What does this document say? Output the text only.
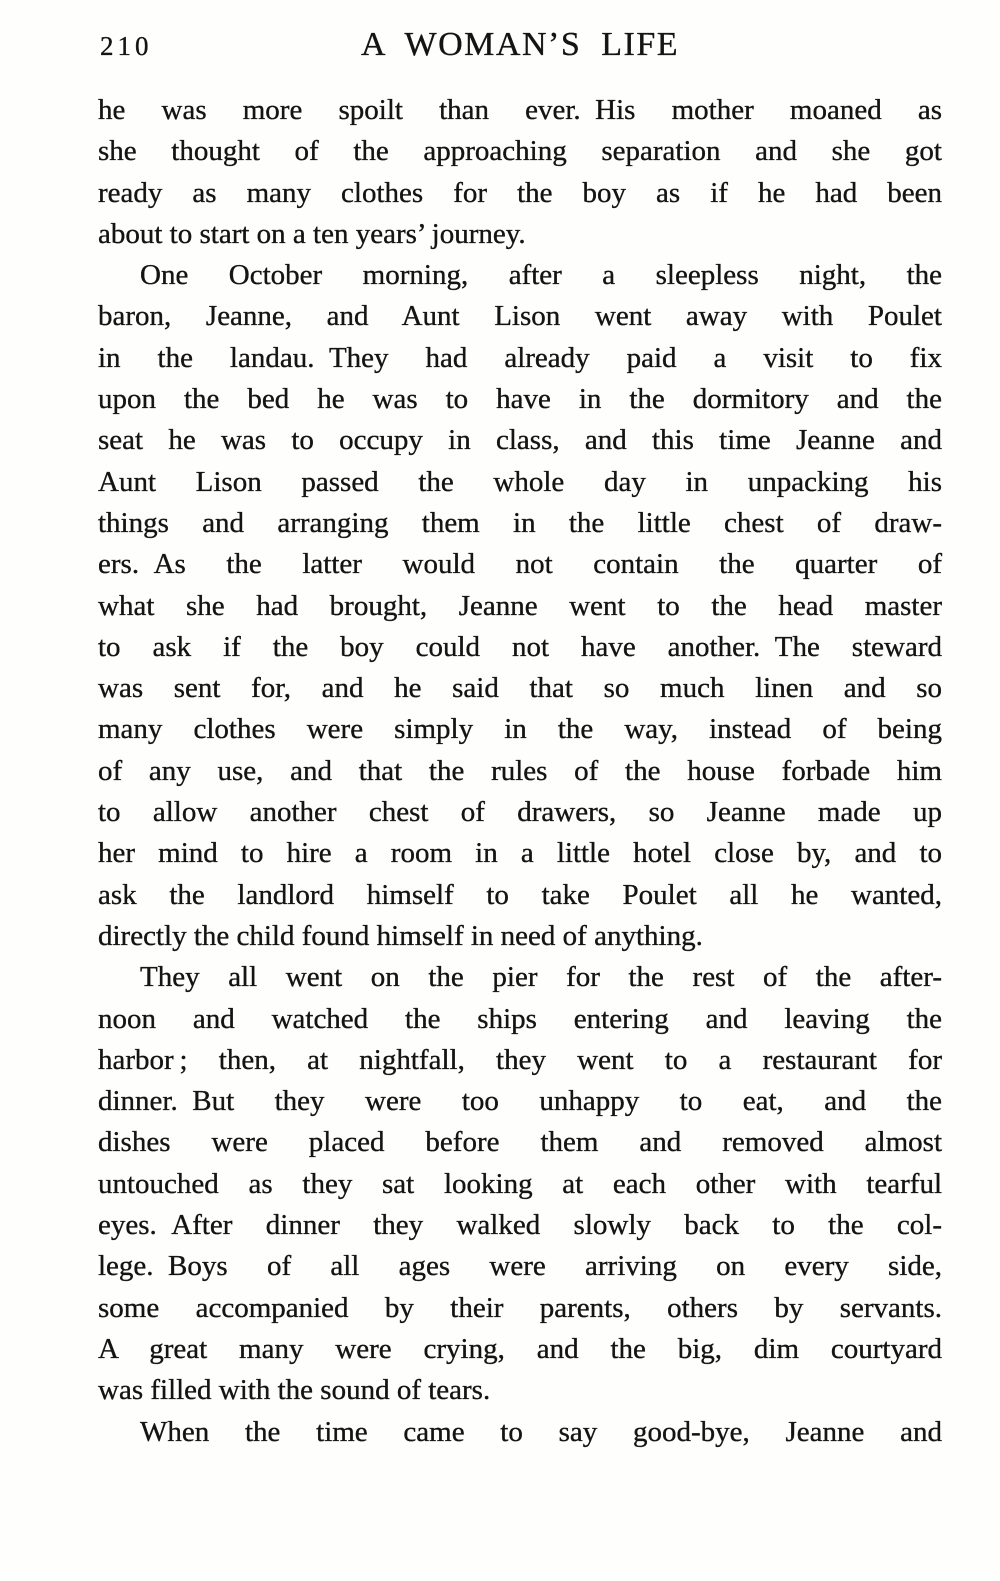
210	A WOMAN’S LIFE
he was more spoilt than ever. His mother moaned as
she thought of the approaching separation and she got
ready as many clothes for the boy as if he had been
about to start on a ten years’ journey.
One October morning, after a sleepless night, the
baron, Jeanne, and Aunt Lison went away with Poulet
in the landau. They had already paid a visit to fix
upon the bed he was to have in the dormitory and the
seat he was to occupy in class, and this time Jeanne and
Aunt Lison passed the whole day in unpacking his
things and arranging them in the little chest of draw-
ers. As the latter would not contain the quarter of
what she had brought, Jeanne went to the head master
to ask if the boy could not have another. The steward
was sent for, and he said that so much linen and so
many clothes were simply in the way, instead of being
of any use, and that the rules of the house forbade him
to allow another chest of drawers, so Jeanne made up
her mind to hire a room in a little hotel close by, and to
ask the landlord himself to take Poulet all he wanted,
directly the child found himself in need of anything.
They all went on the pier for the rest of the after-
noon and watched the ships entering and leaving the
harbor ; then, at nightfall, they went to a restaurant for
dinner. But they were too unhappy to eat, and the
dishes were placed before them and removed almost
untouched as they sat looking at each other with tearful
eyes. After dinner they walked slowly back to the col-
lege. Boys of all ages were arriving on every side,
some accompanied by their parents, others by servants.
A great many were crying, and the big, dim courtyard
was filled with the sound of tears.
When the time came to say good-bye, Jeanne and
